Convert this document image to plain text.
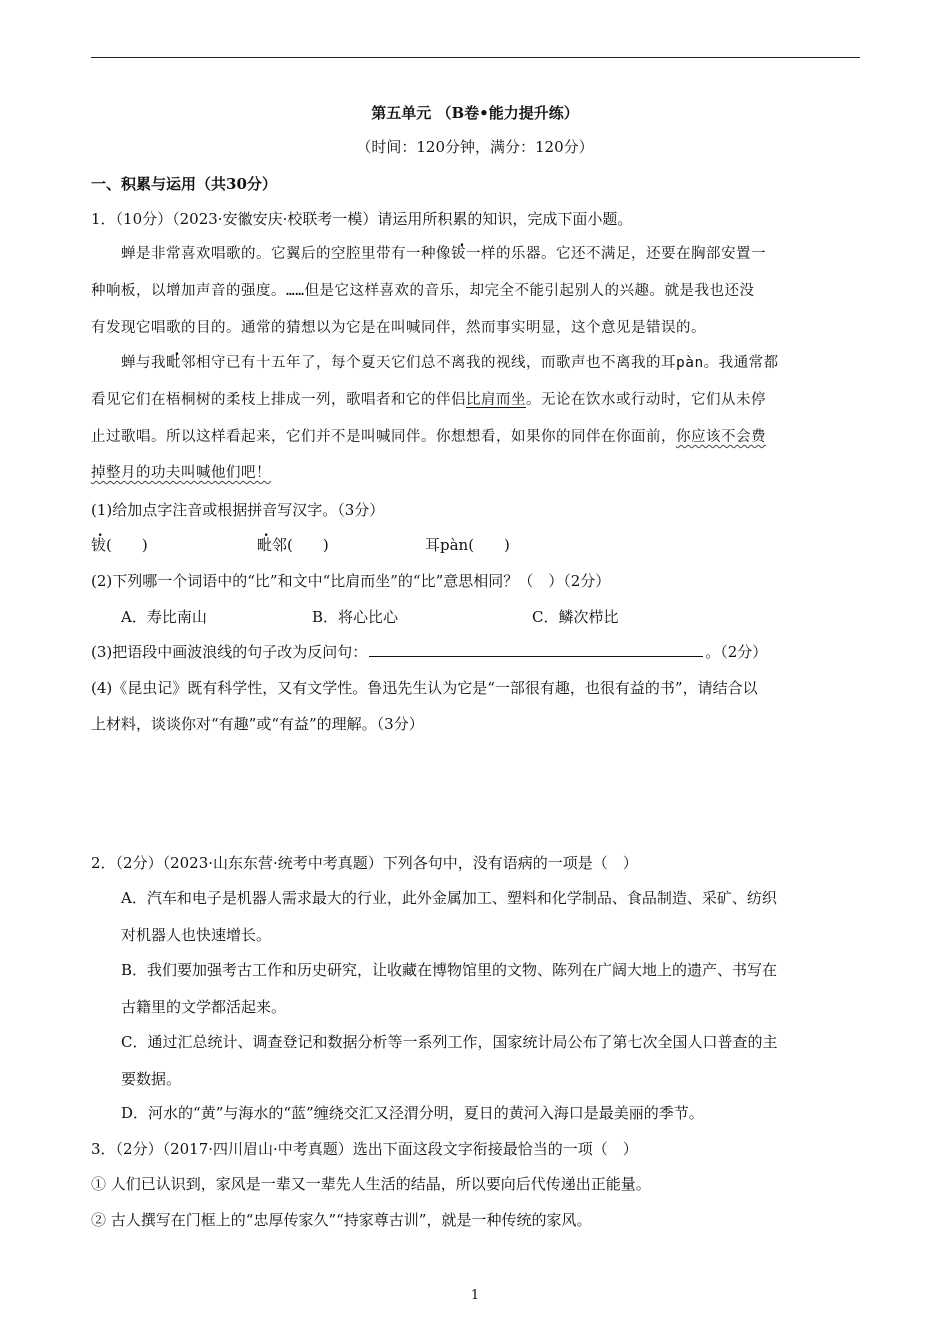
第五单元 （B卷•能力提升练）
（时间：120分钟，满分：120分）
一、积累与运用（共30分）
1．（10分）（2023·安徽安庆·校联考一模）请运用所积累的知识，完成下面小题。
蝉是非常喜欢唱歌的。它翼后的空腔里带有一种像钹一样的乐器。它还不满足，还要在胸部安置一
种响板，以增加声音的强度。……但是它这样喜欢的音乐，却完全不能引起别人的兴趣。就是我也还没
有发现它唱歌的目的。通常的猜想以为它是在叫喊同伴，然而事实明显，这个意见是错误的。
蝉与我毗邻相守已有十五年了，每个夏天它们总不离我的视线，而歌声也不离我的耳pàn。我通常都
看见它们在梧桐树的柔枝上排成一列，歌唱者和它的伴侣比肩而坐。无论在饮水或行动时，它们从未停
止过歌唱。所以这样看起来，它们并不是叫喊同伴。你想想看，如果你的同伴在你面前，你应该不会费
掉整月的功夫叫喊他们吧！
(1)给加点字注音或根据拼音写汉字。（3分）
钹(　　)	毗邻(　　)	耳pàn(　　)
(2)下列哪一个词语中的“比”和文中“比肩而坐”的“比”意思相同？（　）（2分）
A．寿比南山	B．将心比心	C．鳞次栉比
(3)把语段中画波浪线的句子改为反问句：	。（2分）
(4)《昆虫记》既有科学性，又有文学性。鲁迅先生认为它是“一部很有趣，也很有益的书”，请结合以
上材料，谈谈你对“有趣”或“有益”的理解。（3分）
2．（2分）（2023·山东东营·统考中考真题）下列各句中，没有语病的一项是（　）
A．汽车和电子是机器人需求最大的行业，此外金属加工、塑料和化学制品、食品制造、采矿、纺织
对机器人也快速增长。
B．我们要加强考古工作和历史研究，让收藏在博物馆里的文物、陈列在广阔大地上的遗产、书写在
古籍里的文学都活起来。
C．通过汇总统计、调查登记和数据分析等一系列工作，国家统计局公布了第七次全国人口普查的主
要数据。
D．河水的“黄”与海水的“蓝”缠绕交汇又泾渭分明，夏日的黄河入海口是最美丽的季节。
3．（2分）（2017·四川眉山·中考真题）选出下面这段文字衔接最恰当的一项（　）
① 人们已认识到，家风是一辈又一辈先人生活的结晶，所以要向后代传递出正能量。
② 古人撰写在门框上的“忠厚传家久”“持家尊古训”，就是一种传统的家风。
1
